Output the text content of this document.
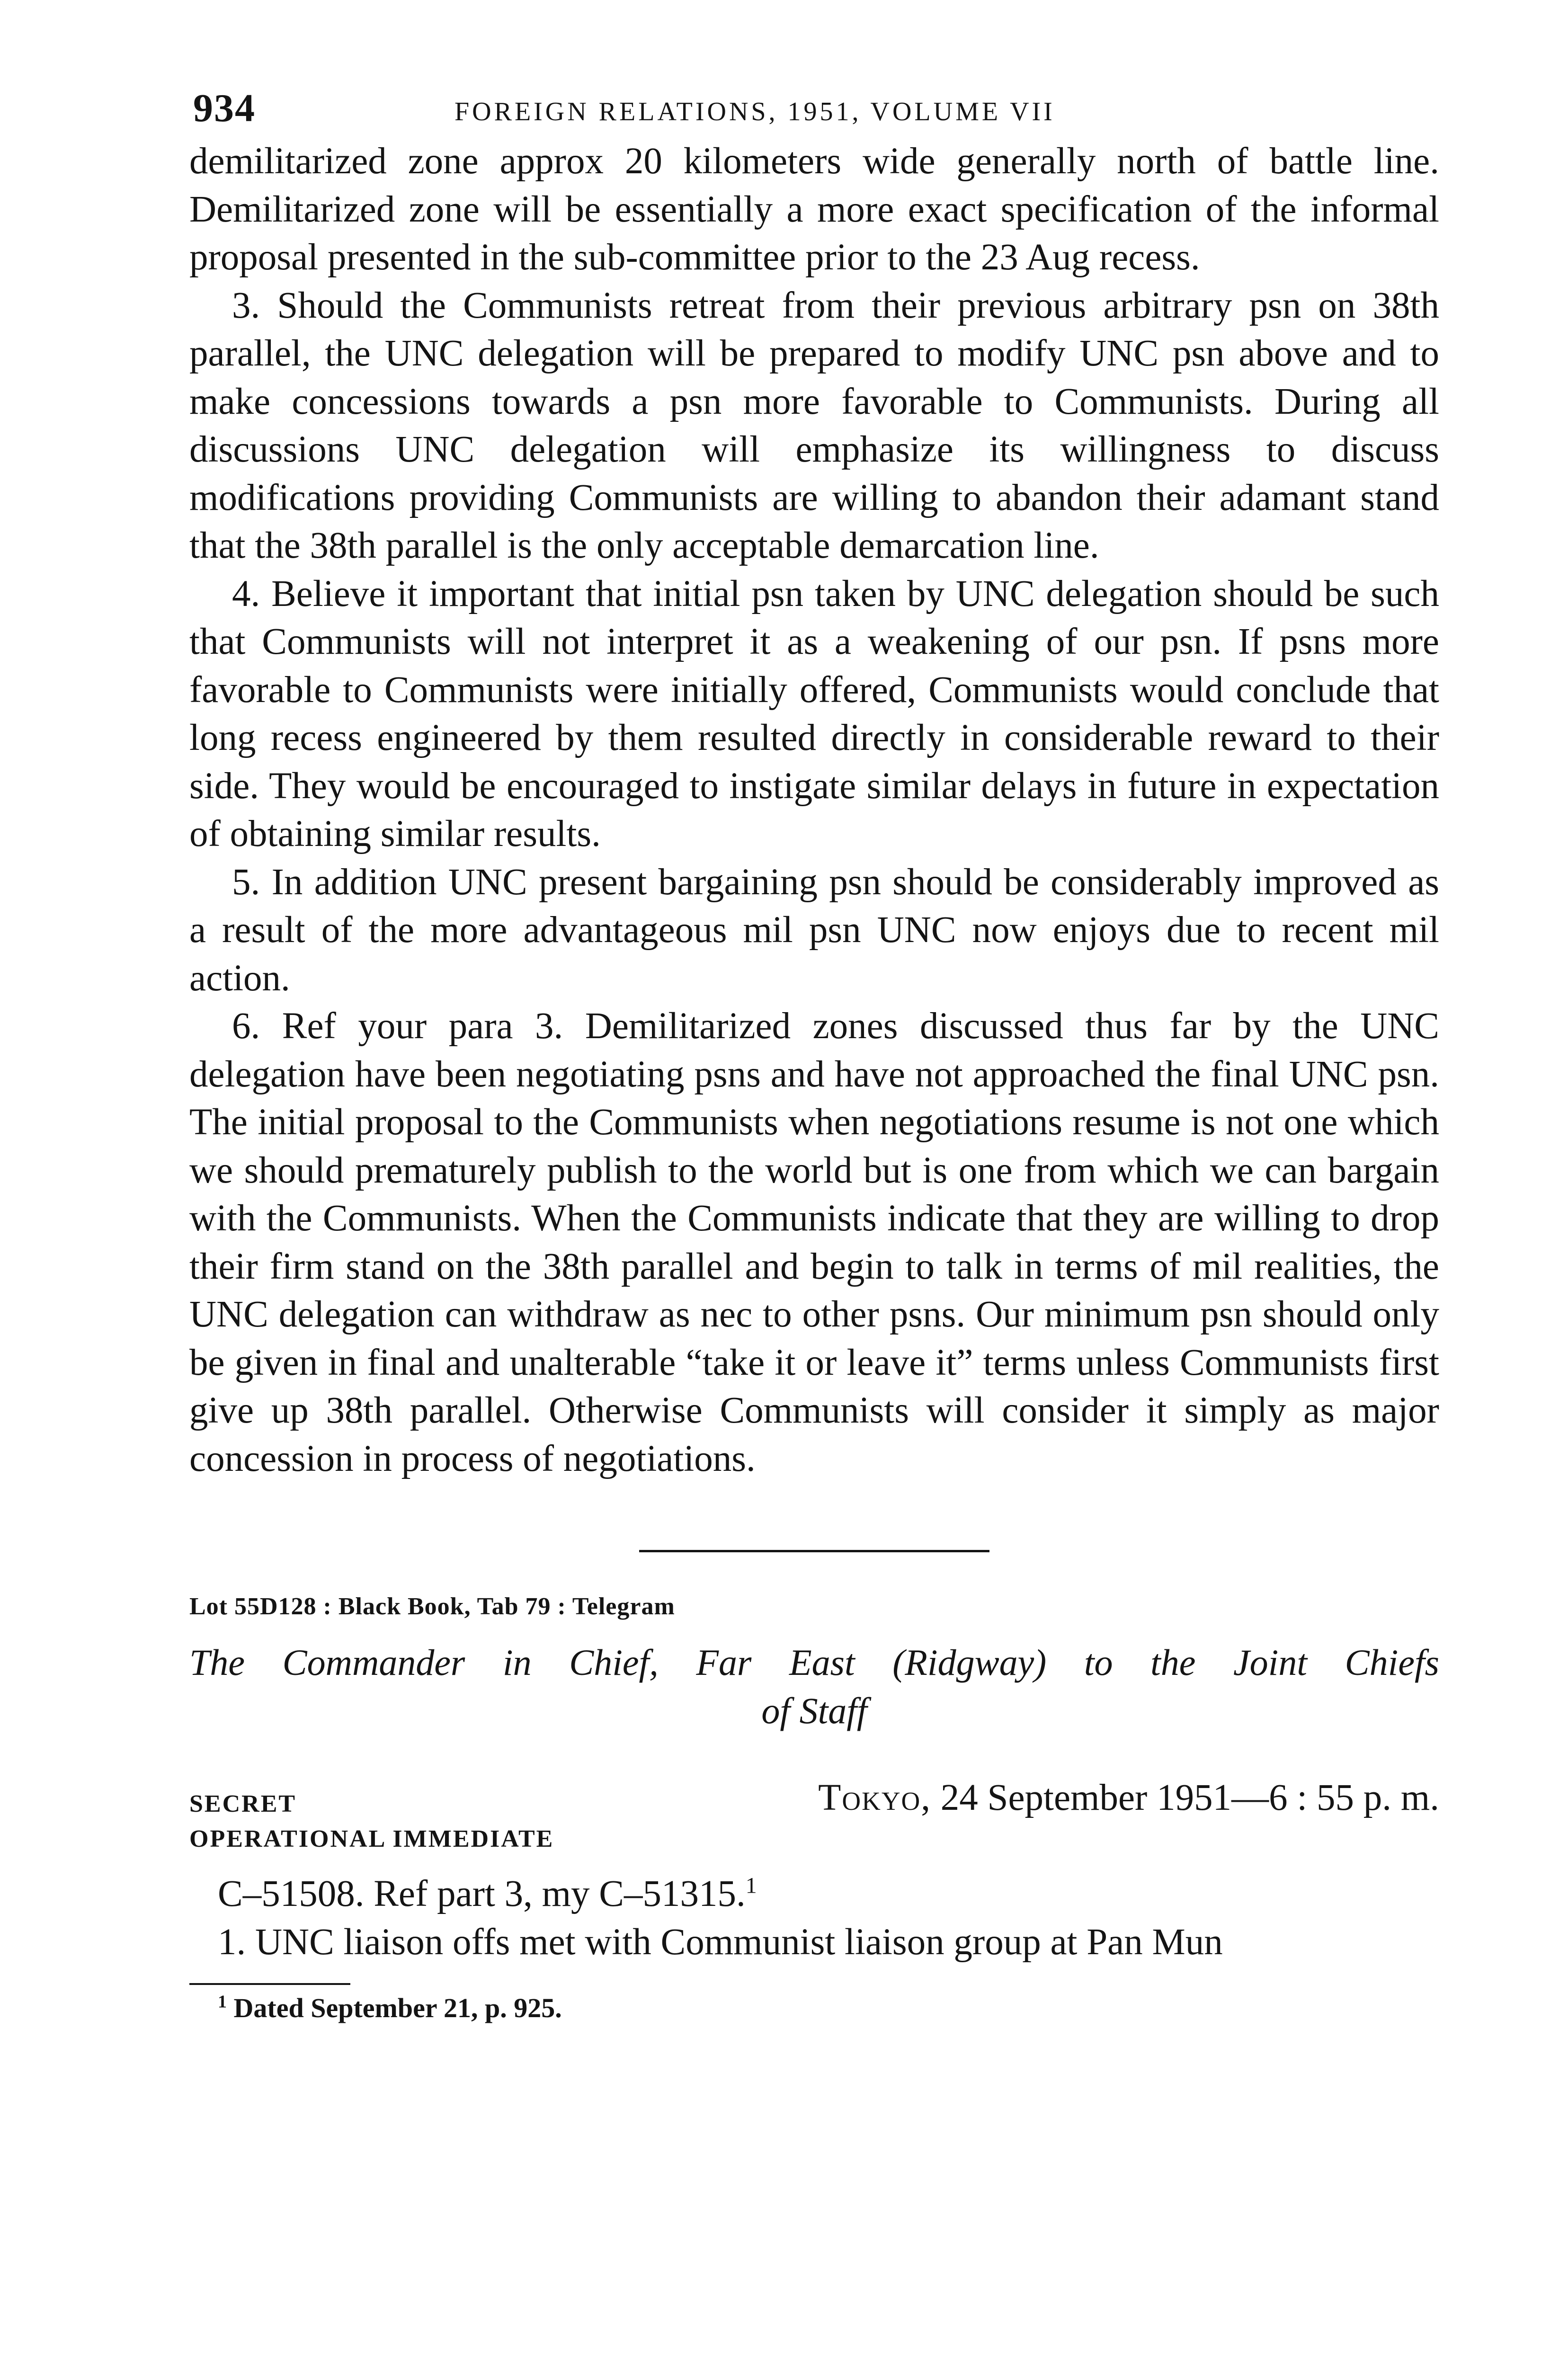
934	FOREIGN RELATIONS, 1951, VOLUME VII

demilitarized zone approx 20 kilometers wide generally north of battle line. Demilitarized zone will be essentially a more exact specification of the informal proposal presented in the sub-committee prior to the 23 Aug recess.

3. Should the Communists retreat from their previous arbitrary psn on 38th parallel, the UNC delegation will be prepared to modify UNC psn above and to make concessions towards a psn more favorable to Communists. During all discussions UNC delegation will emphasize its willingness to discuss modifications providing Communists are willing to abandon their adamant stand that the 38th parallel is the only acceptable demarcation line.

4. Believe it important that initial psn taken by UNC delegation should be such that Communists will not interpret it as a weakening of our psn. If psns more favorable to Communists were initially offered, Communists would conclude that long recess engineered by them resulted directly in considerable reward to their side. They would be encouraged to instigate similar delays in future in expectation of obtaining similar results.

5. In addition UNC present bargaining psn should be considerably improved as a result of the more advantageous mil psn UNC now enjoys due to recent mil action.

6. Ref your para 3. Demilitarized zones discussed thus far by the UNC delegation have been negotiating psns and have not approached the final UNC psn. The initial proposal to the Communists when negotiations resume is not one which we should prematurely publish to the world but is one from which we can bargain with the Communists. When the Communists indicate that they are willing to drop their firm stand on the 38th parallel and begin to talk in terms of mil realities, the UNC delegation can withdraw as nec to other psns. Our minimum psn should only be given in final and unalterable “take it or leave it” terms unless Communists first give up 38th parallel. Otherwise Communists will consider it simply as major concession in process of negotiations.

Lot 55D128 : Black Book, Tab 79 : Telegram
The Commander in Chief, Far East (Ridgway) to the Joint Chiefs
of Staff
SECRET	Tokyo, 24 September 1951—6 : 55 p. m.
OPERATIONAL IMMEDIATE

C–51508. Ref part 3, my C–51315.$^1$

1. UNC liaison offs met with Communist liaison group at Pan Mun

$^1$ Dated September 21, p. 925.
